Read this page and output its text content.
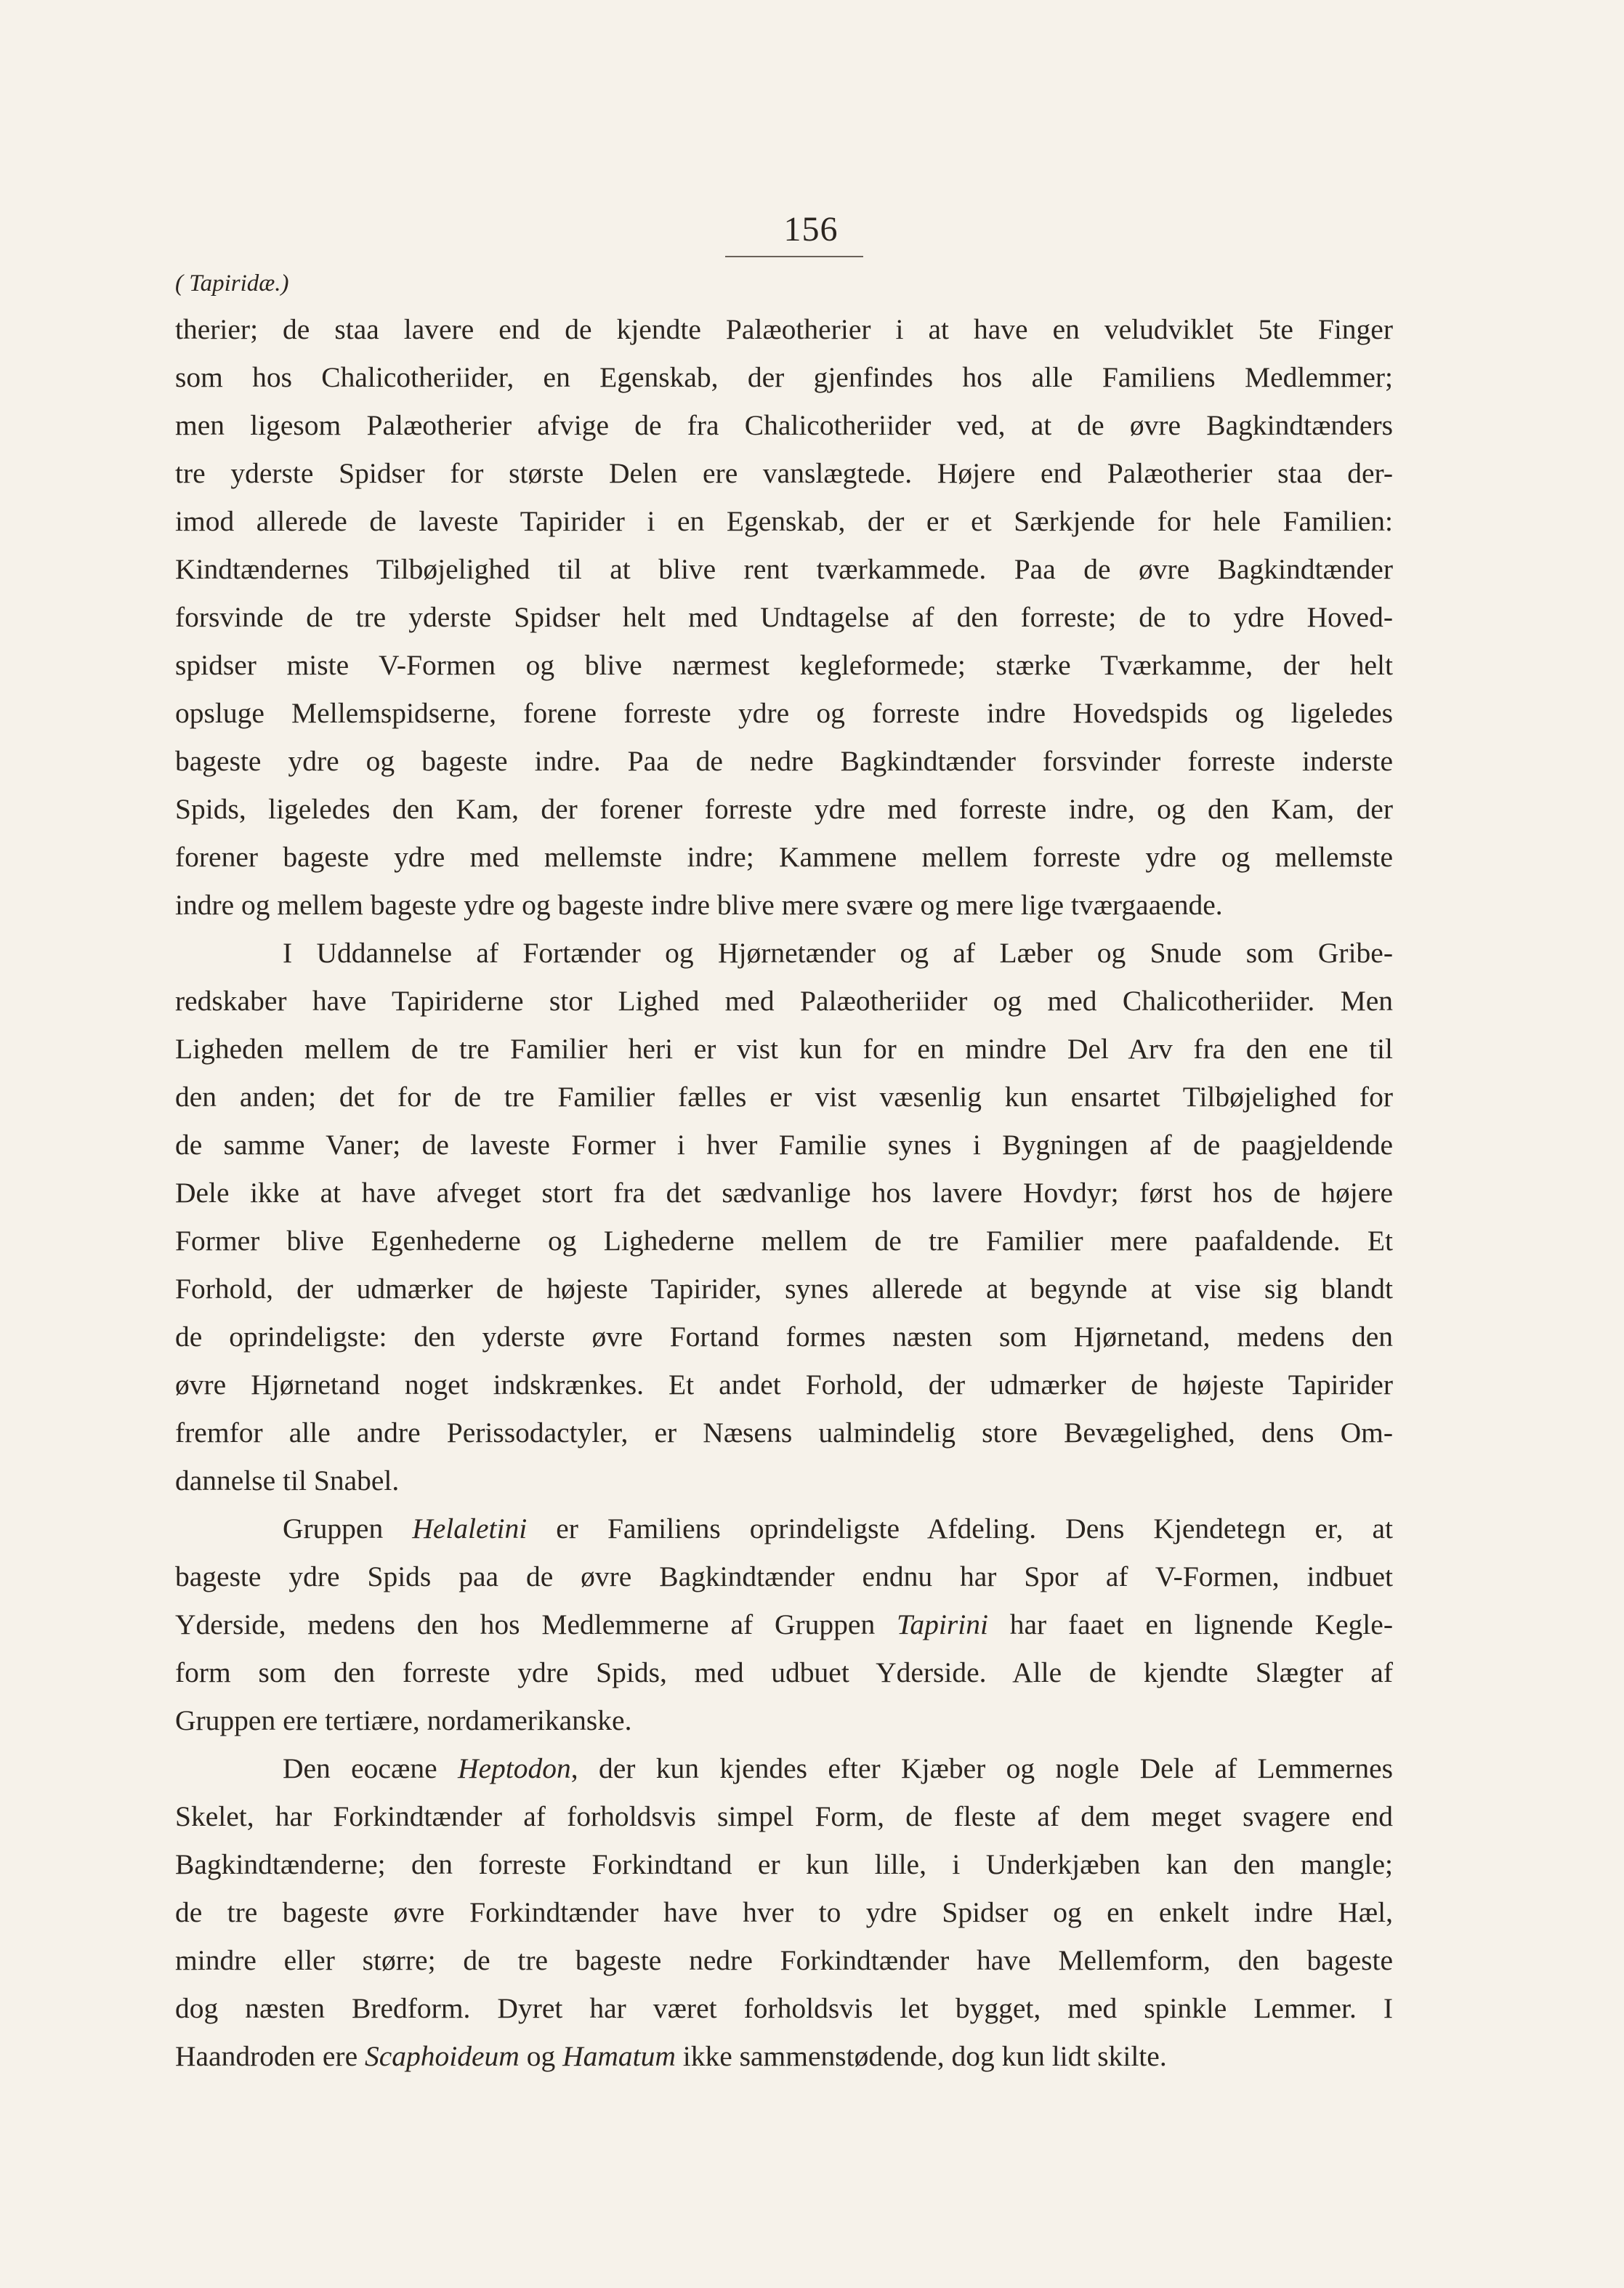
156
( Tapiridæ.)
therier; de staa lavere end de kjendte Palæotherier i at have en veludviklet 5te Finger
som hos Chalicotheriider, en Egenskab, der gjenfindes hos alle Familiens Medlemmer;
men ligesom Palæotherier afvige de fra Chalicotheriider ved, at de øvre Bagkindtænders
tre yderste Spidser for største Delen ere vanslægtede. Højere end Palæotherier staa der-
imod allerede de laveste Tapirider i en Egenskab, der er et Særkjende for hele Familien:
Kindtændernes Tilbøjelighed til at blive rent tværkammede. Paa de øvre Bagkindtænder
forsvinde de tre yderste Spidser helt med Undtagelse af den forreste; de to ydre Hoved-
spidser miste V-Formen og blive nærmest kegleformede; stærke Tværkamme, der helt
opsluge Mellemspidserne, forene forreste ydre og forreste indre Hovedspids og ligeledes
bageste ydre og bageste indre. Paa de nedre Bagkindtænder forsvinder forreste inderste
Spids, ligeledes den Kam, der forener forreste ydre med forreste indre, og den Kam, der
forener bageste ydre med mellemste indre; Kammene mellem forreste ydre og mellemste
indre og mellem bageste ydre og bageste indre blive mere svære og mere lige tværgaaende.
I Uddannelse af Fortænder og Hjørnetænder og af Læber og Snude som Gribe-
redskaber have Tapiriderne stor Lighed med Palæotheriider og med Chalicotheriider. Men
Ligheden mellem de tre Familier heri er vist kun for en mindre Del Arv fra den ene til
den anden; det for de tre Familier fælles er vist væsenlig kun ensartet Tilbøjelighed for
de samme Vaner; de laveste Former i hver Familie synes i Bygningen af de paagjeldende
Dele ikke at have afveget stort fra det sædvanlige hos lavere Hovdyr; først hos de højere
Former blive Egenhederne og Lighederne mellem de tre Familier mere paafaldende. Et
Forhold, der udmærker de højeste Tapirider, synes allerede at begynde at vise sig blandt
de oprindeligste: den yderste øvre Fortand formes næsten som Hjørnetand, medens den
øvre Hjørnetand noget indskrænkes. Et andet Forhold, der udmærker de højeste Tapirider
fremfor alle andre Perissodactyler, er Næsens ualmindelig store Bevægelighed, dens Om-
dannelse til Snabel.
Gruppen Helaletini er Familiens oprindeligste Afdeling. Dens Kjendetegn er, at
bageste ydre Spids paa de øvre Bagkindtænder endnu har Spor af V-Formen, indbuet
Yderside, medens den hos Medlemmerne af Gruppen Tapirini har faaet en lignende Kegle-
form som den forreste ydre Spids, med udbuet Yderside. Alle de kjendte Slægter af
Gruppen ere tertiære, nordamerikanske.
Den eocæne Heptodon, der kun kjendes efter Kjæber og nogle Dele af Lemmernes
Skelet, har Forkindtænder af forholdsvis simpel Form, de fleste af dem meget svagere end
Bagkindtænderne; den forreste Forkindtand er kun lille, i Underkjæben kan den mangle;
de tre bageste øvre Forkindtænder have hver to ydre Spidser og en enkelt indre Hæl,
mindre eller større; de tre bageste nedre Forkindtænder have Mellemform, den bageste
dog næsten Bredform. Dyret har været forholdsvis let bygget, med spinkle Lemmer. I
Haandroden ere Scaphoideum og Hamatum ikke sammenstødende, dog kun lidt skilte.
